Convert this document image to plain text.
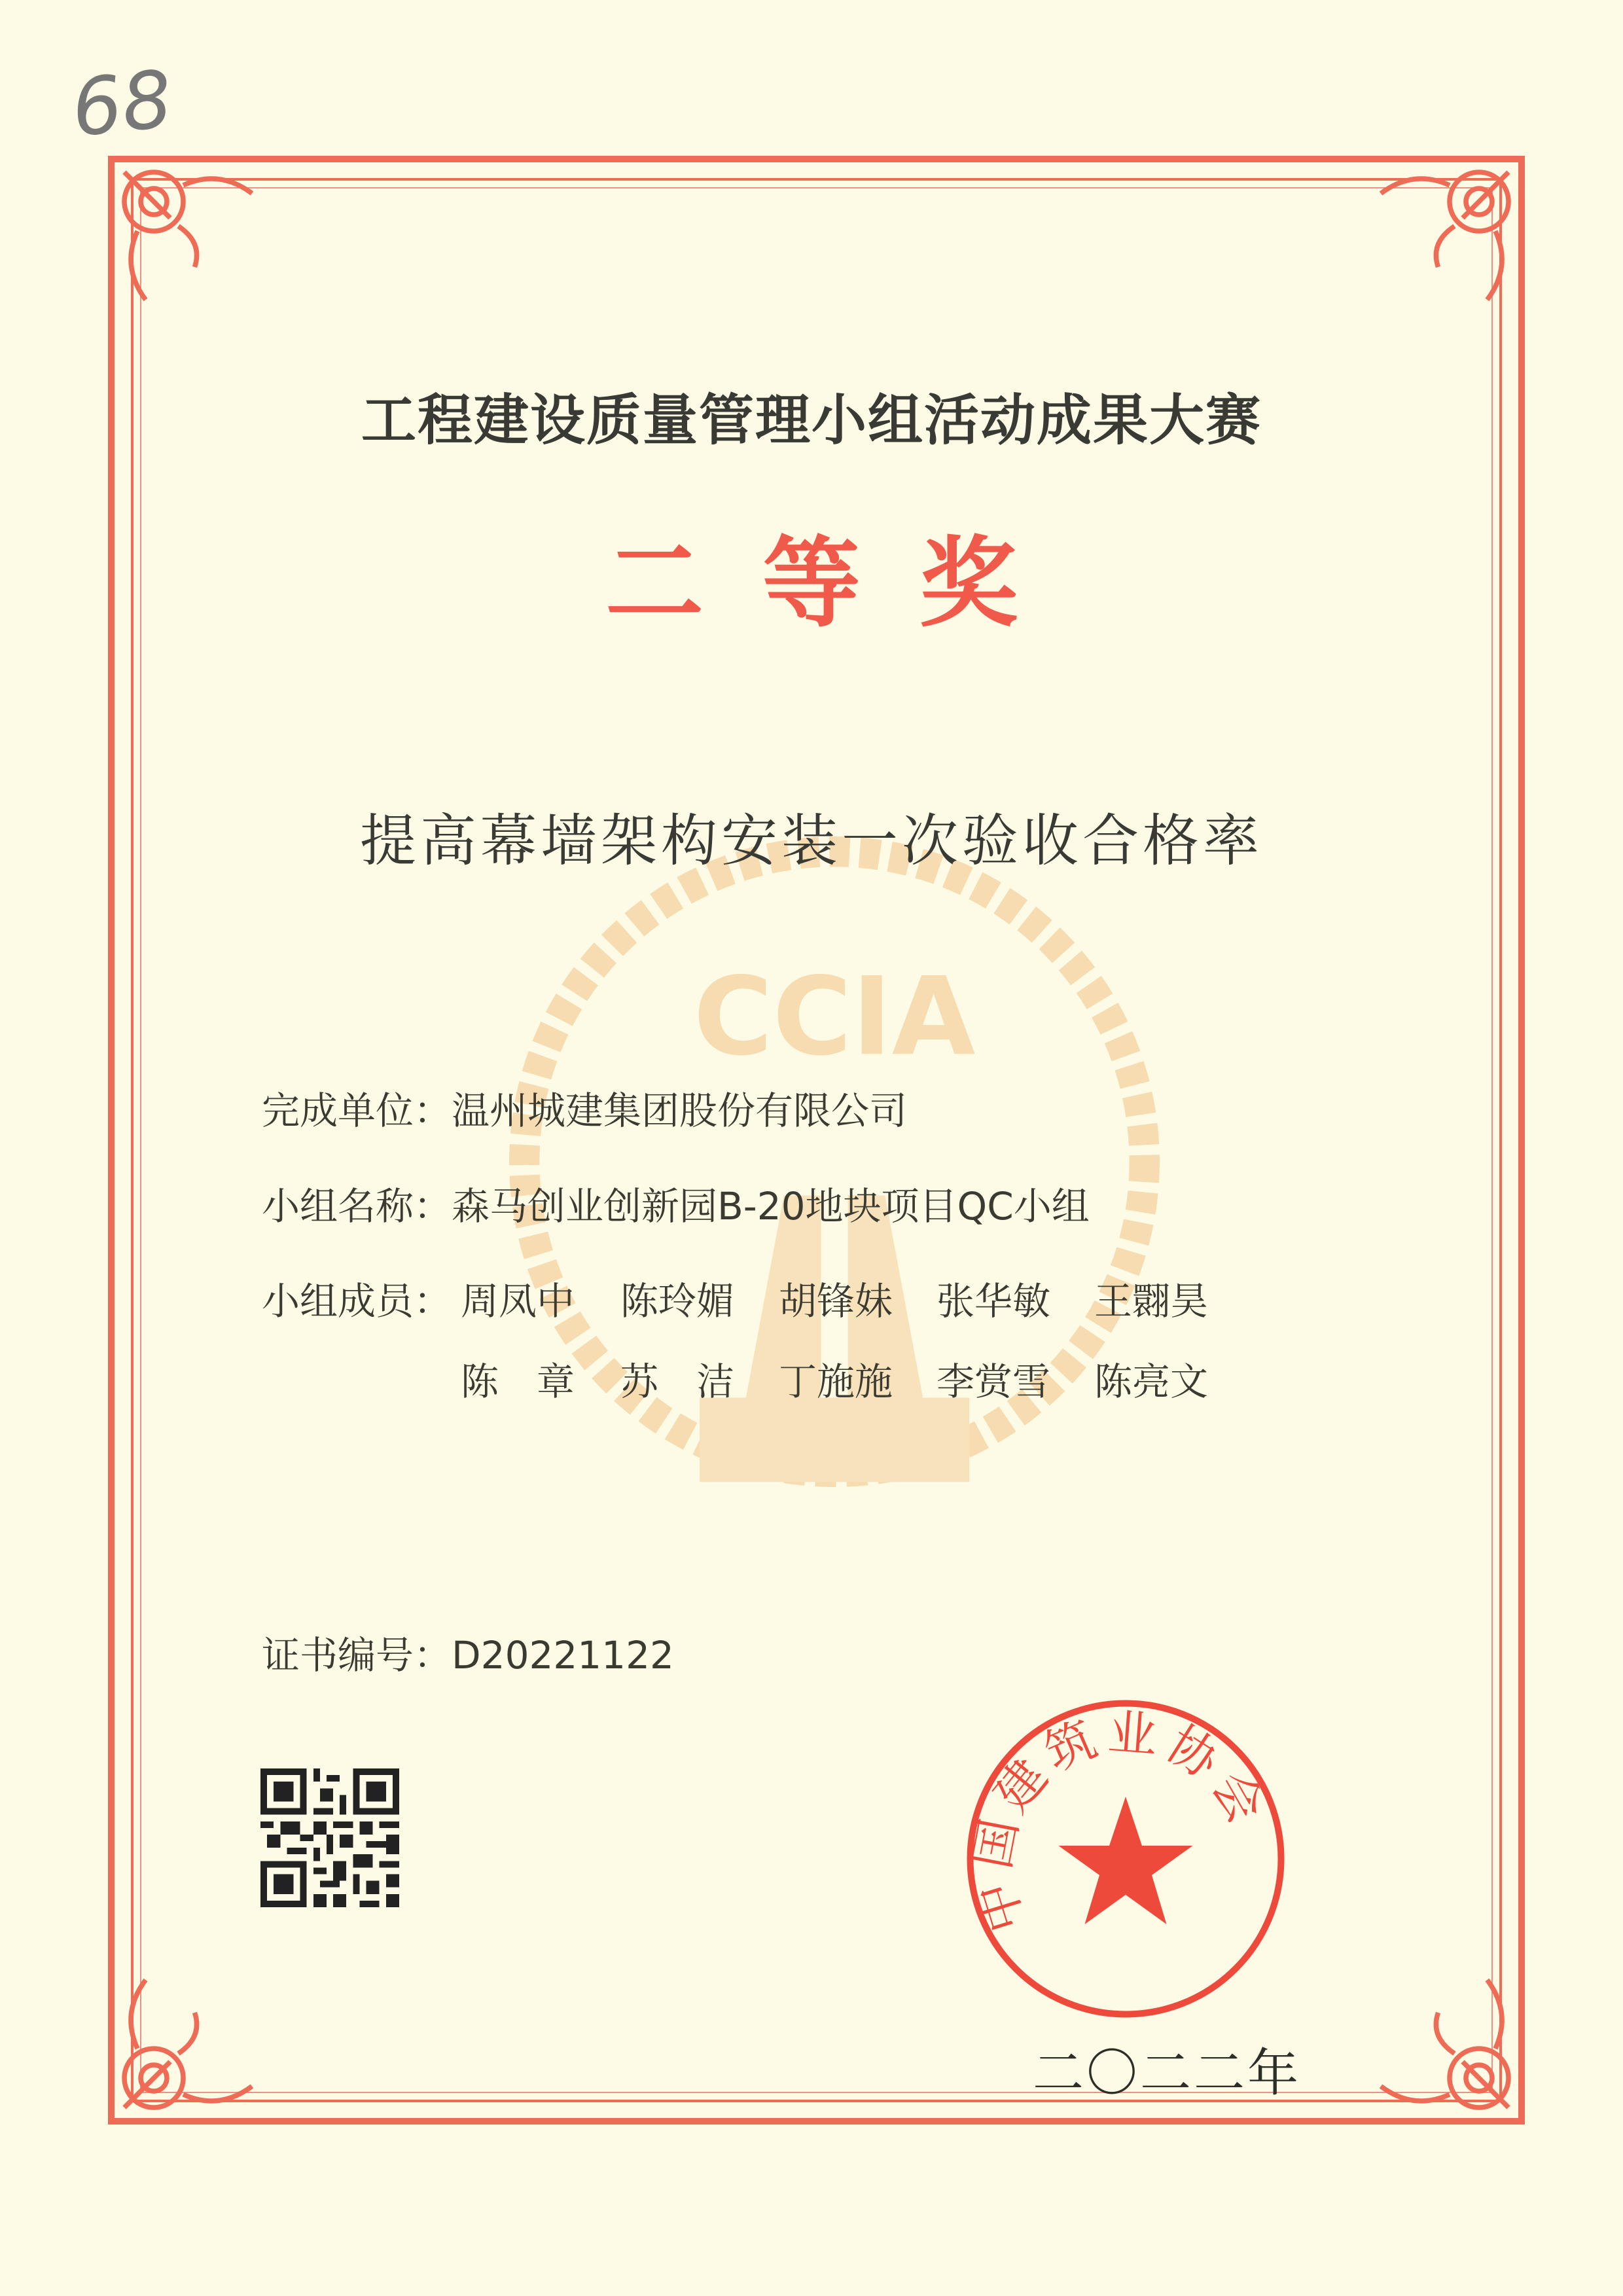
68
CCIA
工程建设质量管理小组活动成果大赛
二等奖
提高幕墙架构安装一次验收合格率
完成单位：温州城建集团股份有限公司
小组名称：森马创业创新园B-20地块项目QC小组
小组成员： 周凤中 陈玲媚 胡锋妹 张华敏 王翾昊
陈　章 苏　洁 丁施施 李赏雪 陈亮文
证书编号：D20221122
中国建筑业协会
二〇二二年
